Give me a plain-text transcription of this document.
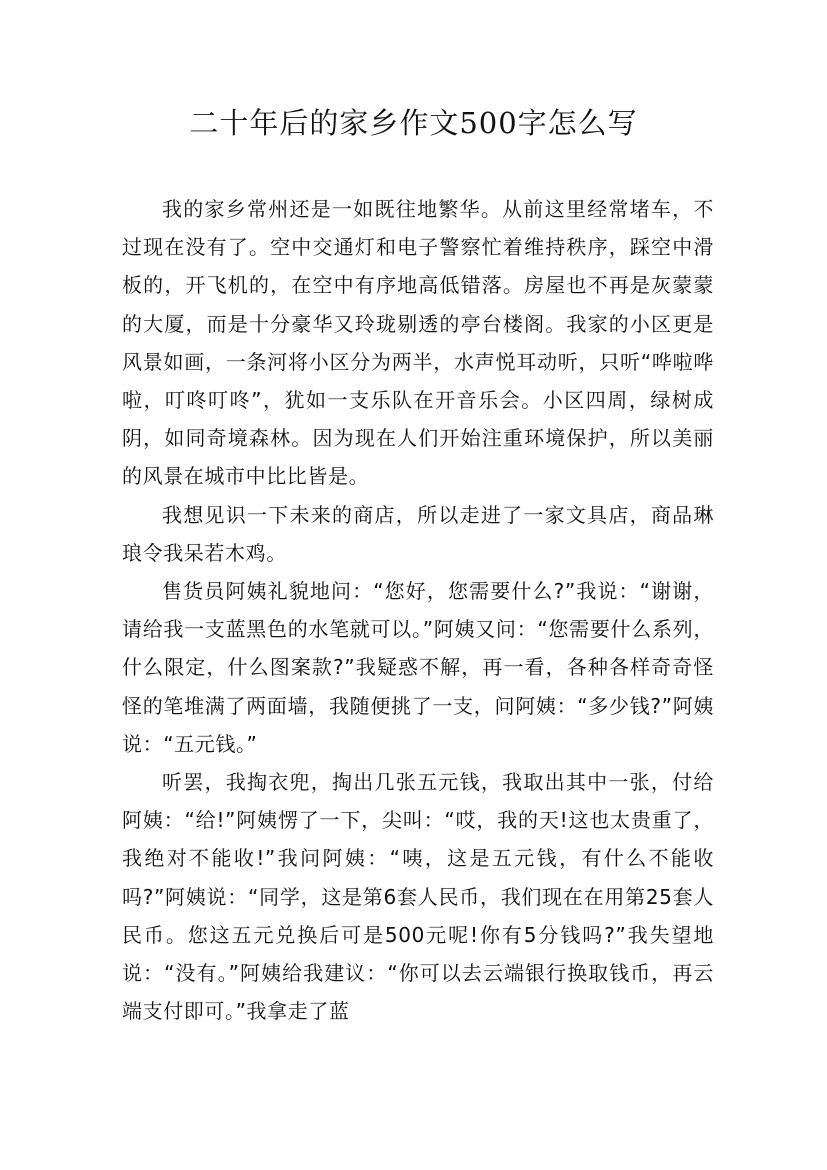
二十年后的家乡作文500字怎么写

我的家乡常州还是一如既往地繁华。从前这里经常堵车，不过现在没有了。空中交通灯和电子警察忙着维持秩序，踩空中滑板的，开飞机的，在空中有序地高低错落。房屋也不再是灰蒙蒙的大厦，而是十分豪华又玲珑剔透的亭台楼阁。我家的小区更是风景如画，一条河将小区分为两半，水声悦耳动听，只听“哗啦哗啦，叮咚叮咚”，犹如一支乐队在开音乐会。小区四周，绿树成阴，如同奇境森林。因为现在人们开始注重环境保护，所以美丽的风景在城市中比比皆是。

我想见识一下未来的商店，所以走进了一家文具店，商品琳琅令我呆若木鸡。

售货员阿姨礼貌地问：“您好，您需要什么?”我说：“谢谢，请给我一支蓝黑色的水笔就可以。”阿姨又问：“您需要什么系列，什么限定，什么图案款?”我疑惑不解，再一看，各种各样奇奇怪怪的笔堆满了两面墙，我随便挑了一支，问阿姨：“多少钱?”阿姨说：“五元钱。”

听罢，我掏衣兜，掏出几张五元钱，我取出其中一张，付给阿姨：“给!”阿姨愣了一下，尖叫：“哎，我的天!这也太贵重了，我绝对不能收!”我问阿姨：“咦，这是五元钱，有什么不能收吗?”阿姨说：“同学，这是第6套人民币，我们现在在用第25套人民币。您这五元兑换后可是500元呢!你有5分钱吗?”我失望地说：“没有。”阿姨给我建议：“你可以去云端银行换取钱币，再云端支付即可。”我拿走了蓝
